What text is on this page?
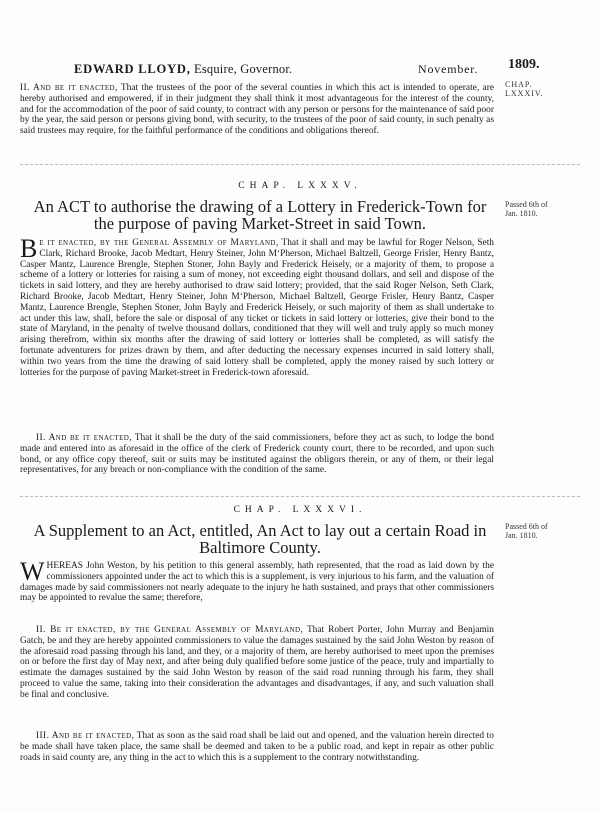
EDWARD LLOYD, Esquire, Governor.	November. 1809.
CHAP. LXXXIV.
II. And be it enacted, That the trustees of the poor of the several counties in which this act is intended to operate, are hereby authorised and empowered, if in their judgment they shall think it most advantageous for the interest of the county, and for the accommodation of the poor of said county, to contract with any person or persons for the maintenance of said poor by the year, the said person or persons giving bond, with security, to the trustees of the poor of said county, in such penalty as said trustees may require, for the faithful performance of the conditions and obligations thereof.
CHAP. LXXXV.
An ACT to authorise the drawing of a Lottery in Frederick-Town for the purpose of paving Market-Street in said Town.
Passed 6th of Jan. 1810.
Be it enacted, by the General Assembly of Maryland, That it shall and may be lawful for Roger Nelson, Seth Clark, Richard Brooke, Jacob Medtart, Henry Steiner, John M‘Pherson, Michael Baltzell, George Frisler, Henry Bantz, Casper Mantz, Laurence Brengle, Stephen Stoner, John Bayly and Frederick Heisely, or a majority of them, to propose a scheme of a lottery or lotteries for raising a sum of money, not exceeding eight thousand dollars, and sell and dispose of the tickets in said lottery, and they are hereby authorised to draw said lottery; provided, that the said Roger Nelson, Seth Clark, Richard Brooke, Jacob Medtart, Henry Steiner, John M‘Pherson, Michael Baltzell, George Frisler, Henry Bantz, Casper Mantz, Laurence Brengle, Stephen Stoner, John Bayly and Frederick Heisely, or such majority of them as shall undertake to act under this law, shall, before the sale or disposal of any ticket or tickets in said lottery or lotteries, give their bond to the state of Maryland, in the penalty of twelve thousand dollars, conditioned that they will well and truly apply so much money arising therefrom, within six months after the drawing of said lottery or lotteries shall be completed, as will satisfy the fortunate adventurers for prizes drawn by them, and after deducting the necessary expenses incurred in said lottery shall, within two years from the time the drawing of said lottery shall be completed, apply the money raised by such lottery or lotteries for the purpose of paving Market-street in Frederick-town aforesaid.
II. And be it enacted, That it shall be the duty of the said commissioners, before they act as such, to lodge the bond made and entered into as aforesaid in the office of the clerk of Frederick county court, there to be recorded, and upon such bond, or any office copy thereof, suit or suits may be instituted against the obligors therein, or any of them, or their legal representatives, for any breach or non-compliance with the condition of the same.
CHAP. LXXXVI.
A Supplement to an Act, entitled, An Act to lay out a certain Road in Baltimore County.
Passed 6th of Jan. 1810.
WHEREAS John Weston, by his petition to this general assembly, hath represented, that the road as laid down by the commissioners appointed under the act to which this is a supplement, is very injurious to his farm, and the valuation of damages made by said commissioners not nearly adequate to the injury he hath sustained, and prays that other commissioners may be appointed to revalue the same; therefore,
II. Be it enacted, by the General Assembly of Maryland, That Robert Porter, John Murray and Benjamin Gatch, be and they are hereby appointed commissioners to value the damages sustained by the said John Weston by reason of the aforesaid road passing through his land, and they, or a majority of them, are hereby authorised to meet upon the premises on or before the first day of May next, and after being duly qualified before some justice of the peace, truly and impartially to estimate the damages sustained by the said John Weston by reason of the said road running through his farm, they shall proceed to value the same, taking into their consideration the advantages and disadvantages, if any, and such valuation shall be final and conclusive.
III. And be it enacted, That as soon as the said road shall be laid out and opened, and the valuation herein directed to be made shall have taken place, the same shall be deemed and taken to be a public road, and kept in repair as other public roads in said county are, any thing in the act to which this is a supplement to the contrary notwithstanding.
